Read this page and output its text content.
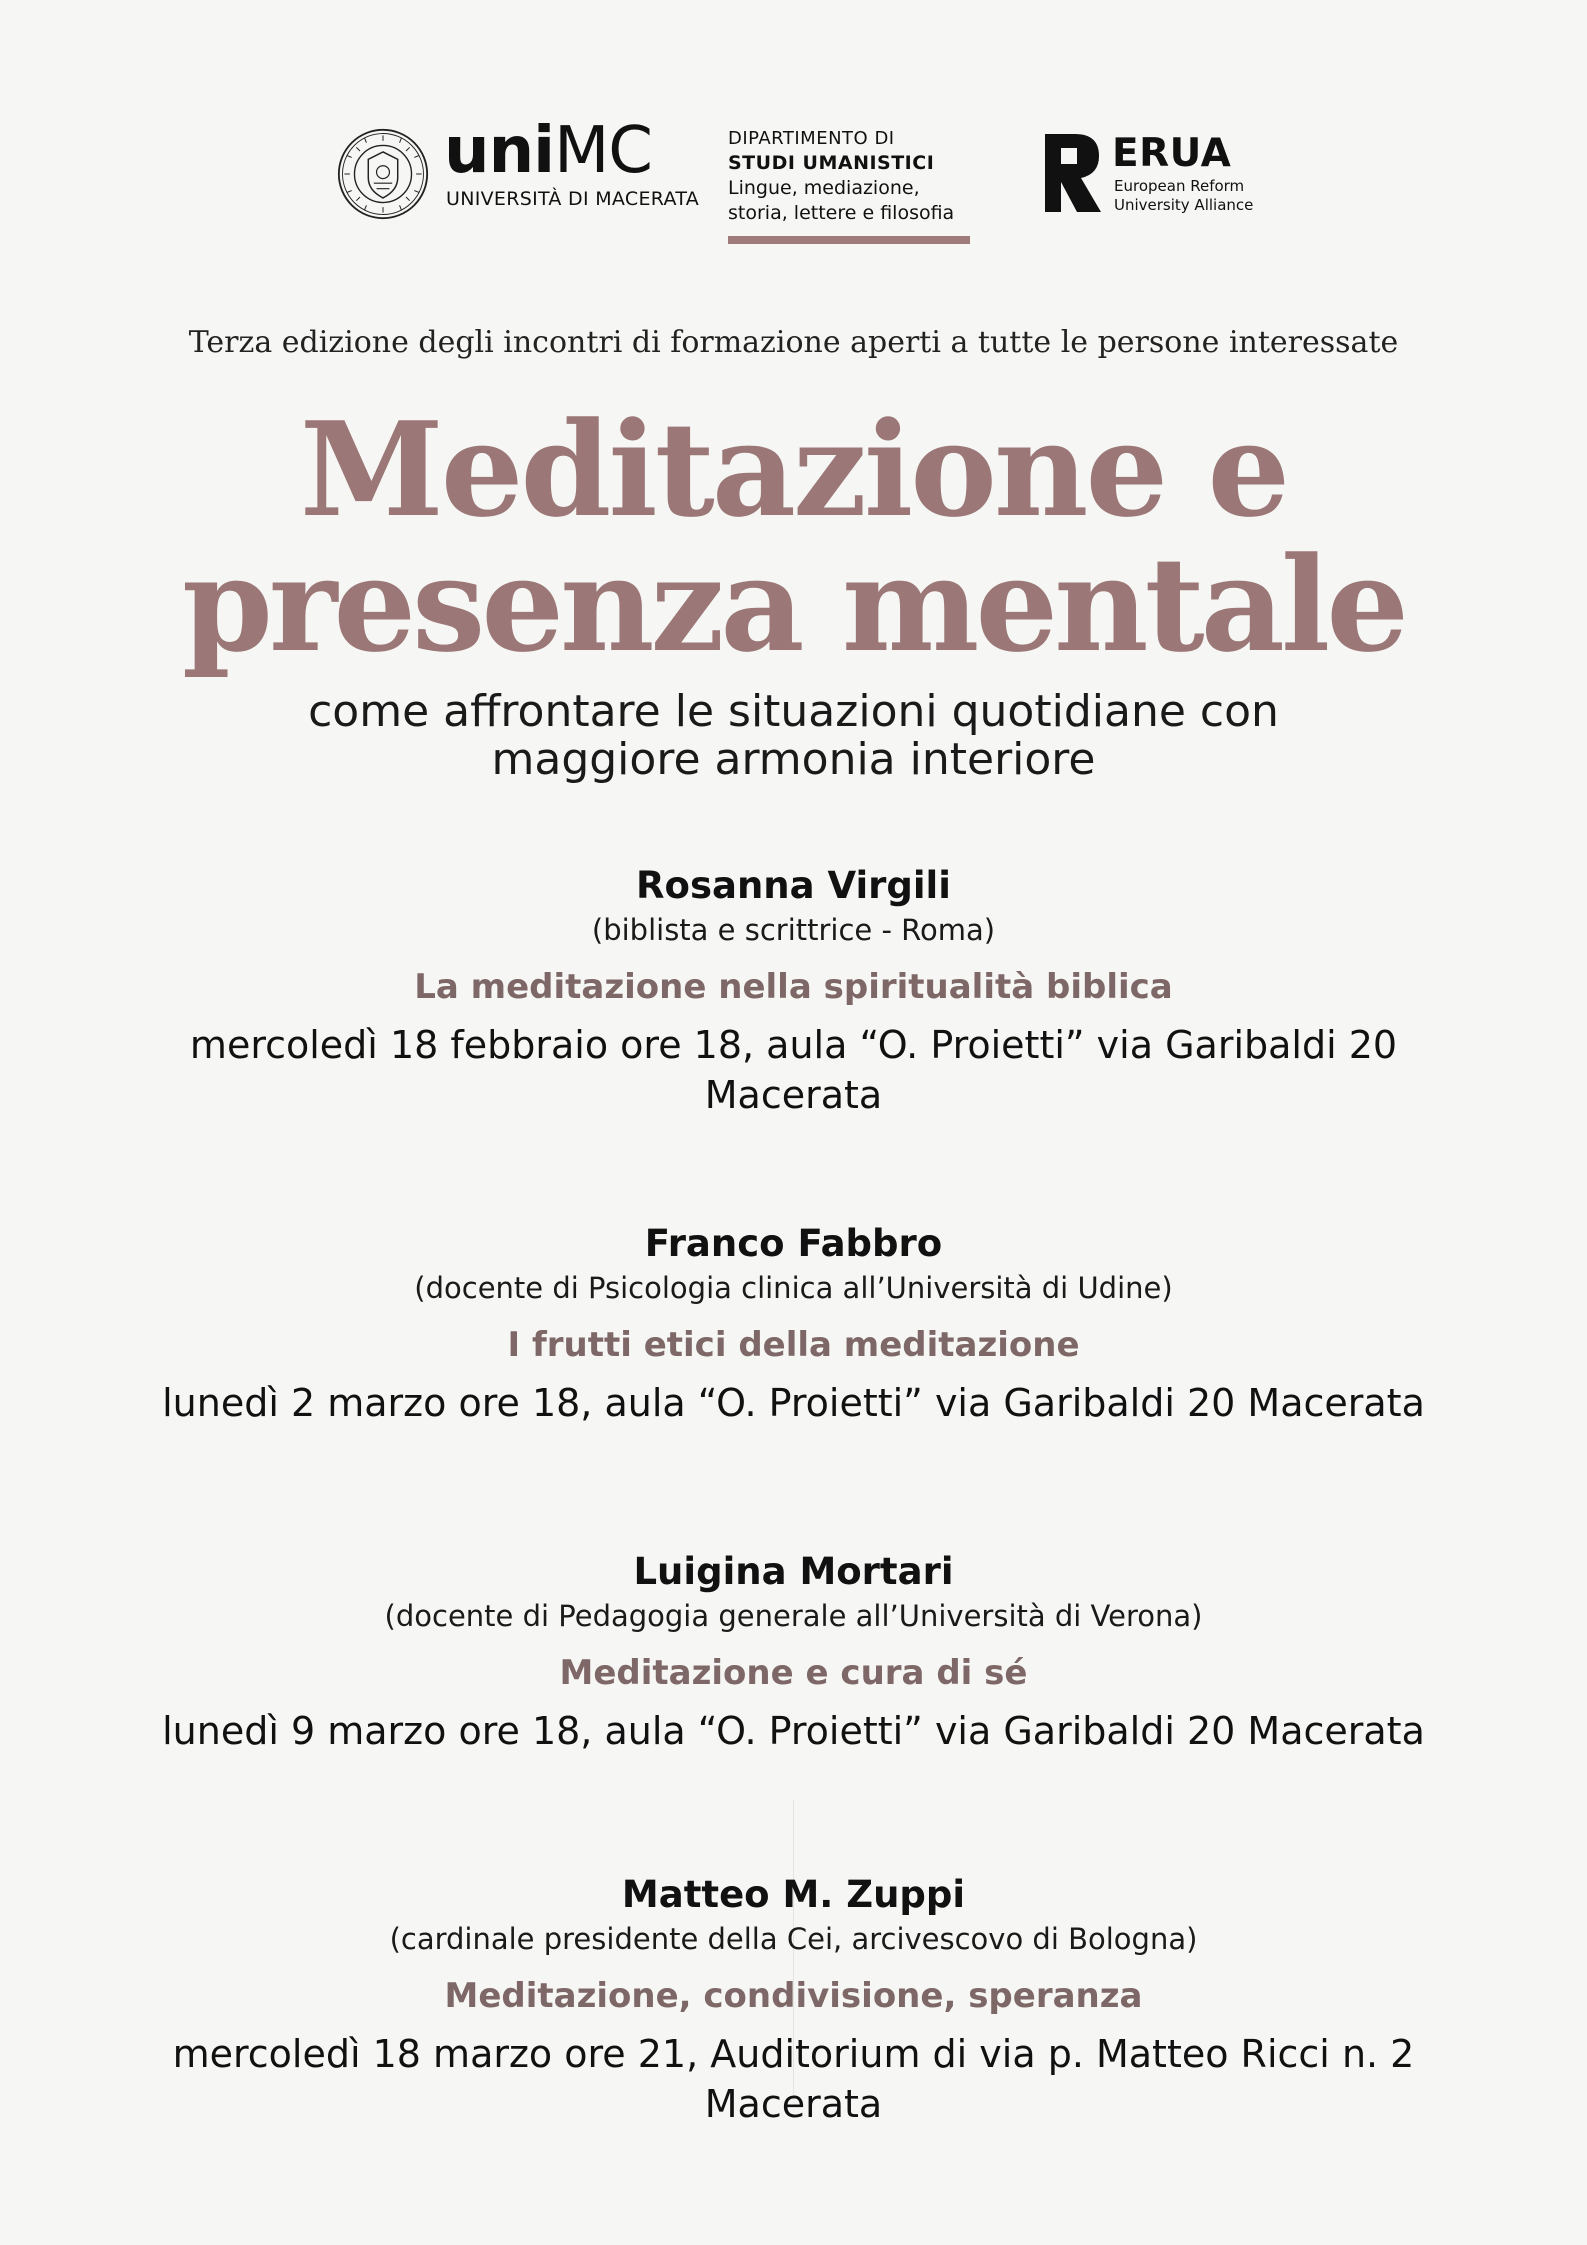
uniMC
UNIVERSITÀ DI MACERATA
DIPARTIMENTO DI
STUDI UMANISTICI
Lingue, mediazione,
storia, lettere e filosofia
ERUA
European Reform
University Alliance
Terza edizione degli incontri di formazione aperti a tutte le persone interessate
Meditazione e
presenza mentale
come affrontare le situazioni quotidiane con
maggiore armonia interiore
Rosanna Virgili
(biblista e scrittrice - Roma)
La meditazione nella spiritualità biblica
mercoledì 18 febbraio ore 18, aula “O. Proietti” via Garibaldi 20
Macerata
Franco Fabbro
(docente di Psicologia clinica all’Università di Udine)
I frutti etici della meditazione
lunedì 2 marzo ore 18, aula “O. Proietti” via Garibaldi 20 Macerata
Luigina Mortari
(docente di Pedagogia generale all’Università di Verona)
Meditazione e cura di sé
lunedì 9 marzo ore 18, aula “O. Proietti” via Garibaldi 20 Macerata
Matteo M. Zuppi
(cardinale presidente della Cei, arcivescovo di Bologna)
Meditazione, condivisione, speranza
mercoledì 18 marzo ore 21, Auditorium di via p. Matteo Ricci n. 2
Macerata
